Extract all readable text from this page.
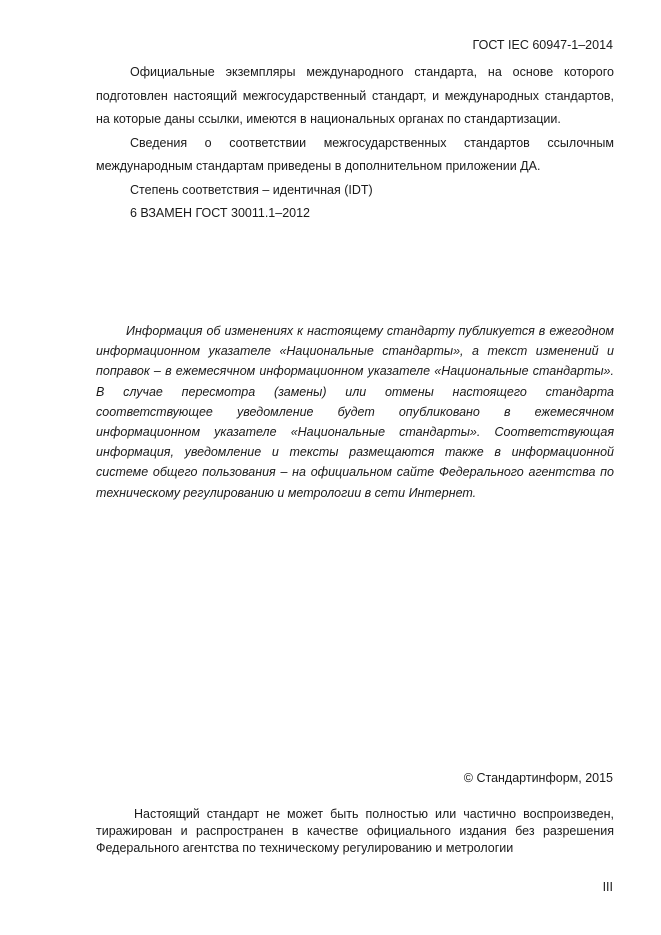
ГОСТ IEC 60947-1–2014

Официальные экземпляры международного стандарта, на основе которого подготовлен настоящий межгосударственный стандарт, и международных стандартов, на которые даны ссылки, имеются в национальных органах по стандартизации.

Сведения о соответствии межгосударственных стандартов ссылочным международным стандартам приведены в дополнительном приложении ДА.

Степень соответствия – идентичная (IDT)

6 ВЗАМЕН ГОСТ 30011.1–2012

Информация об изменениях к настоящему стандарту публикуется в ежегодном информационном указателе «Национальные стандарты», а текст изменений и поправок – в ежемесячном информационном указателе «Национальные стандарты». В случае пересмотра (замены) или отмены настоящего стандарта соответствующее уведомление будет опубликовано в ежемесячном информационном указателе «Национальные стандарты». Соответствующая информация, уведомление и тексты размещаются также в информационной системе общего пользования – на официальном сайте Федерального агентства по техническому регулированию и метрологии в сети Интернет.

© Стандартинформ, 2015

Настоящий стандарт не может быть полностью или частично воспроизведен, тиражирован и распространен в качестве официального издания без разрешения Федерального агентства по техническому регулированию и метрологии

III
